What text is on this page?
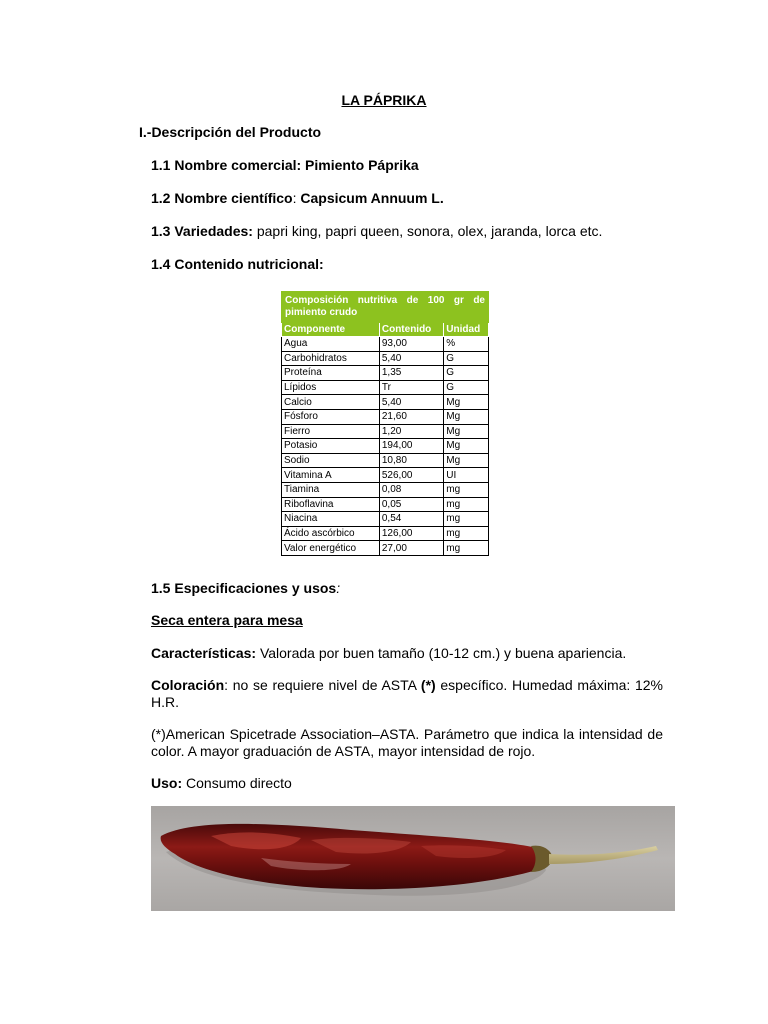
LA PÁPRIKA
I.-Descripción del Producto
1.1 Nombre comercial: Pimiento Páprika
1.2 Nombre científico: Capsicum Annuum L.
1.3 Variedades: papri king, papri queen, sonora, olex, jaranda, lorca etc.
1.4 Contenido nutricional:
Composición nutritiva de 100 gr de pimiento crudo		
Componente	Contenido	Unidad
Agua	93,00	%
Carbohidratos	5,40	G
Proteína	1,35	G
Lípidos	Tr	G
Calcio	5,40	Mg
Fósforo	21,60	Mg
Fierro	1,20	Mg
Potasio	194,00	Mg
Sodio	10,80	Mg
Vitamina A	526,00	UI
Tiamina	0,08	mg
Riboflavina	0,05	mg
Niacina	0,54	mg
Ácido ascórbico	126,00	mg
Valor energético	27,00	mg
1.5 Especificaciones y usos:
Seca entera para mesa
Características: Valorada por buen tamaño (10-12 cm.) y buena apariencia.
Coloración: no se requiere nivel de ASTA (*) específico. Humedad máxima: 12% H.R.
(*)American Spicetrade Association–ASTA. Parámetro que indica la intensidad de color. A mayor graduación de ASTA, mayor intensidad de rojo.
Uso: Consumo directo
